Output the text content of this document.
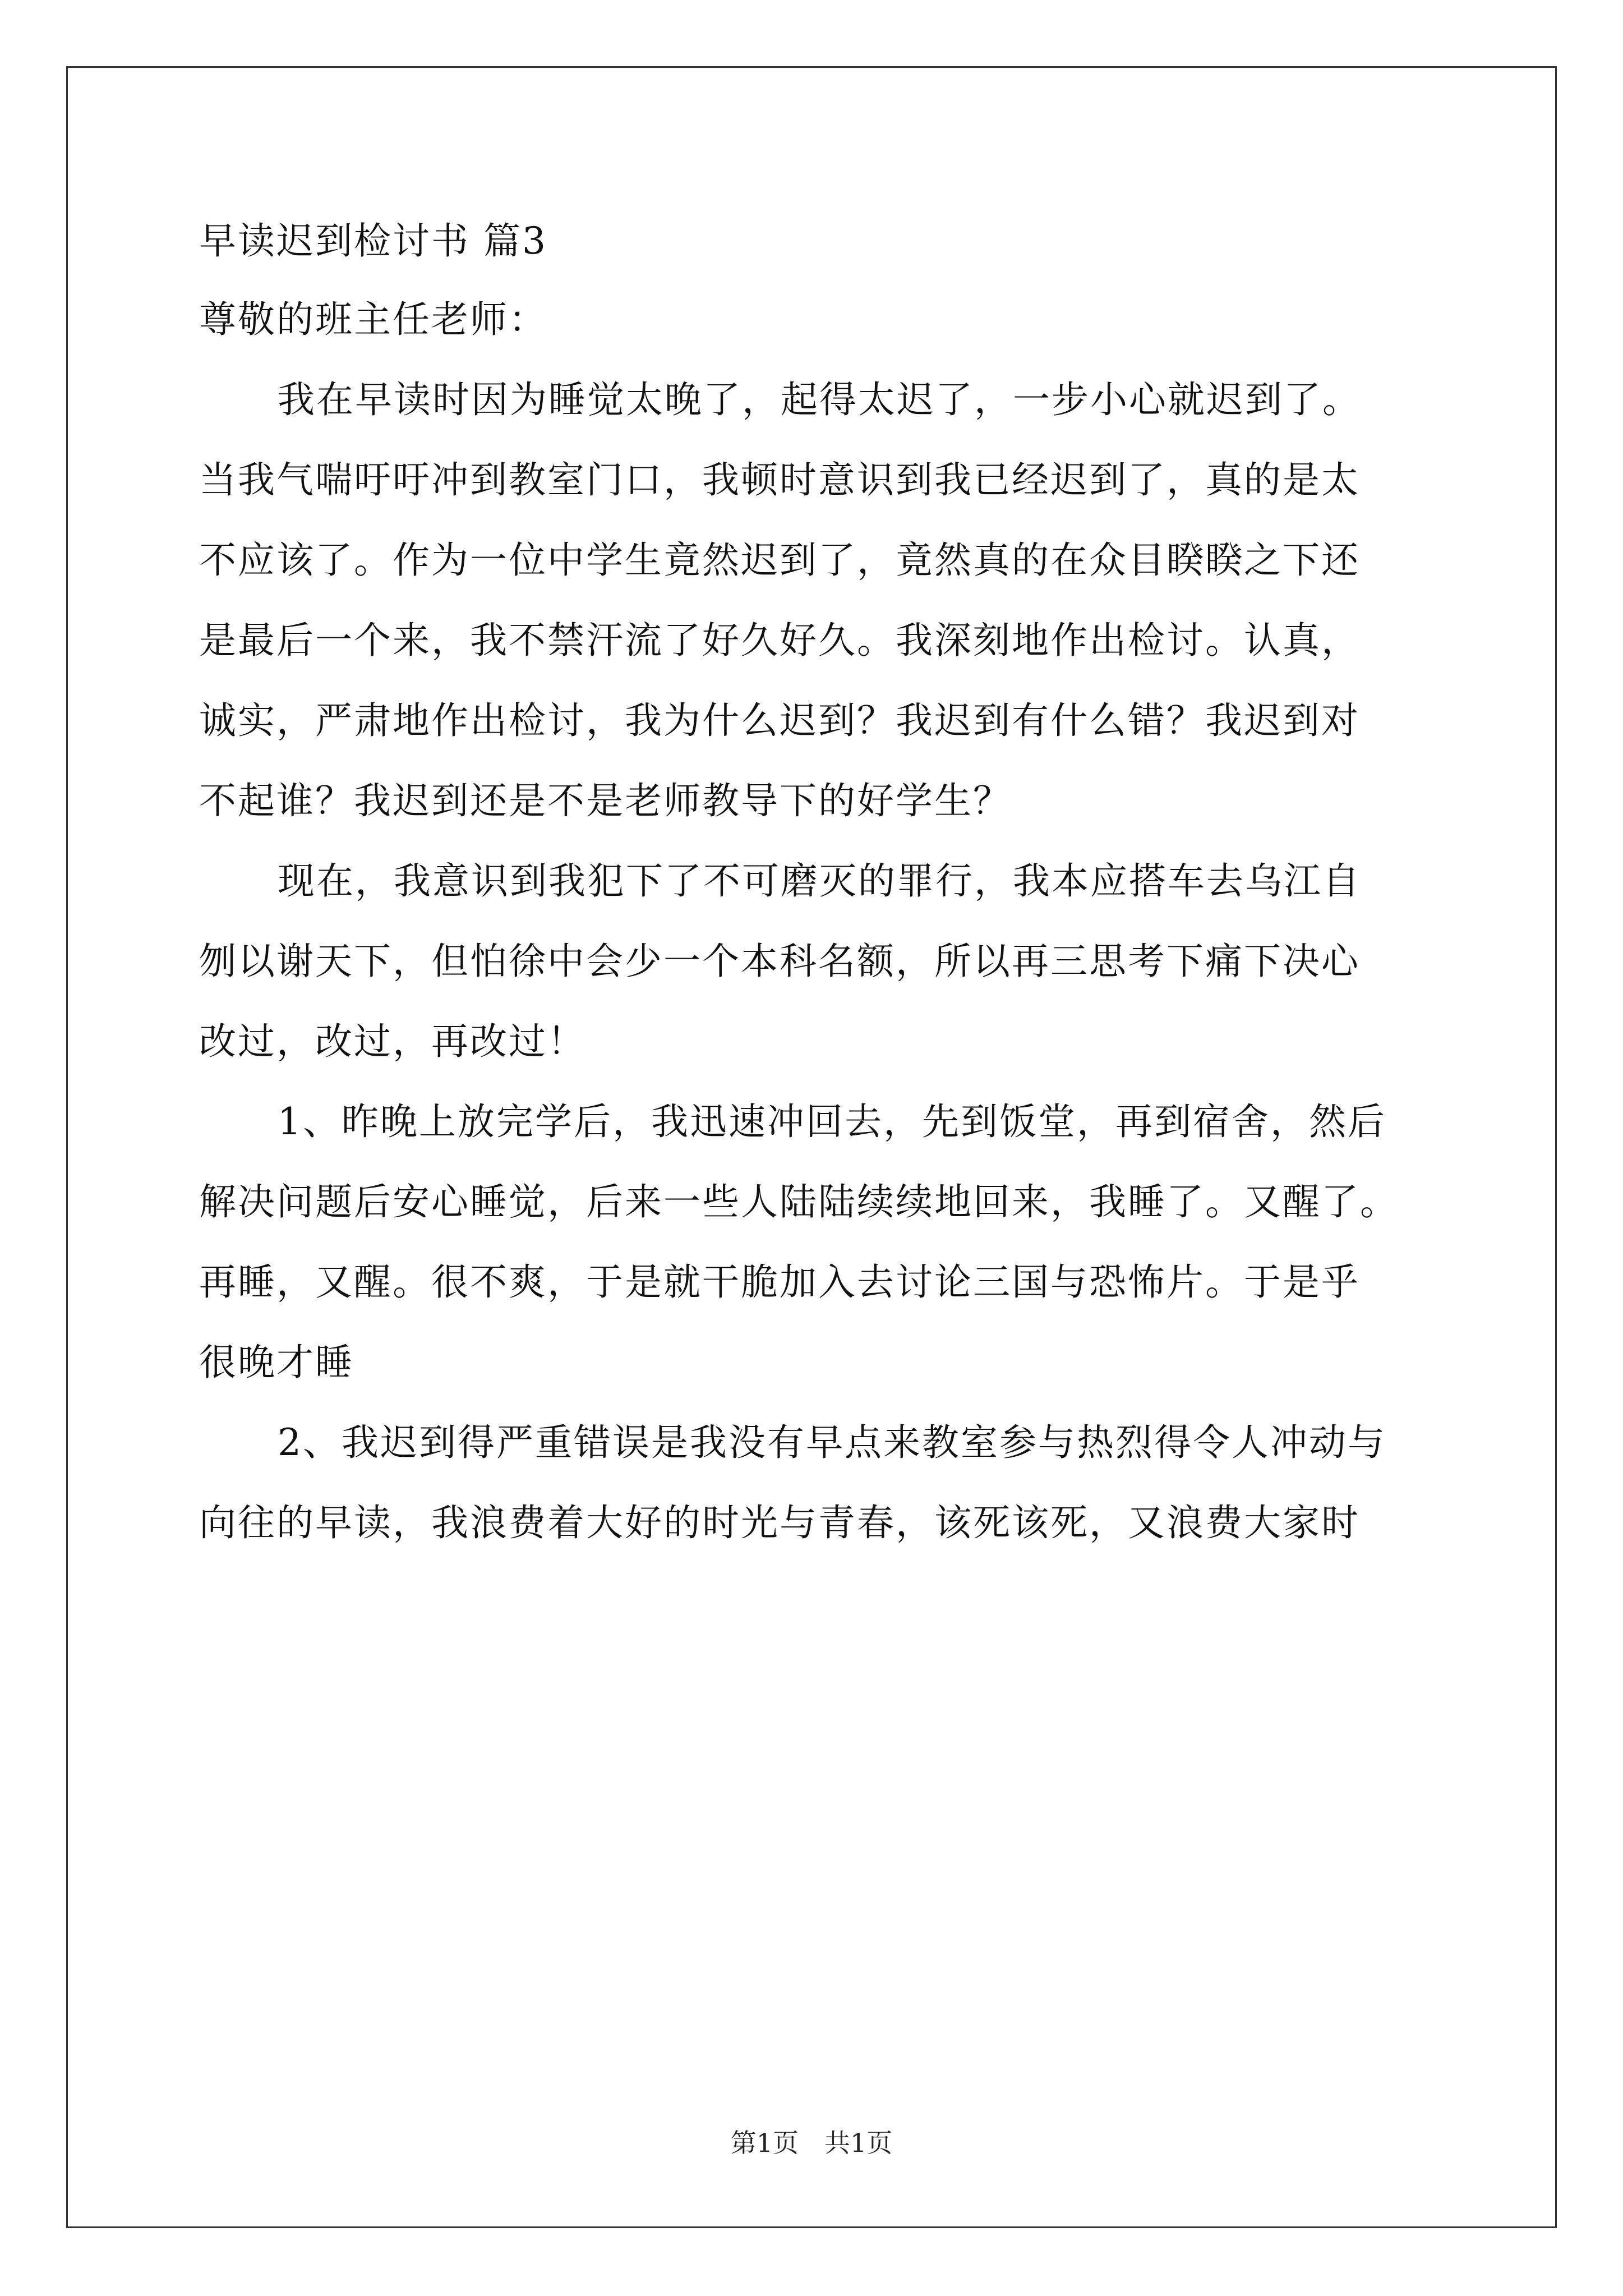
早读迟到检讨书 篇3
尊敬的班主任老师：
我在早读时因为睡觉太晚了，起得太迟了，一步小心就迟到了。
当我气喘吁吁冲到教室门口，我顿时意识到我已经迟到了，真的是太
不应该了。作为一位中学生竟然迟到了，竟然真的在众目睽睽之下还
是最后一个来，我不禁汗流了好久好久。我深刻地作出检讨。认真，
诚实，严肃地作出检讨，我为什么迟到？我迟到有什么错？我迟到对
不起谁？我迟到还是不是老师教导下的好学生？
现在，我意识到我犯下了不可磨灭的罪行，我本应搭车去乌江自
刎以谢天下，但怕徐中会少一个本科名额，所以再三思考下痛下决心
改过，改过，再改过！
1、昨晚上放完学后，我迅速冲回去，先到饭堂，再到宿舍，然后
解决问题后安心睡觉，后来一些人陆陆续续地回来，我睡了。又醒了。
再睡，又醒。很不爽，于是就干脆加入去讨论三国与恐怖片。于是乎
很晚才睡
2、我迟到得严重错误是我没有早点来教室参与热烈得令人冲动与
向往的早读，我浪费着大好的时光与青春，该死该死，又浪费大家时
第1页　共1页
